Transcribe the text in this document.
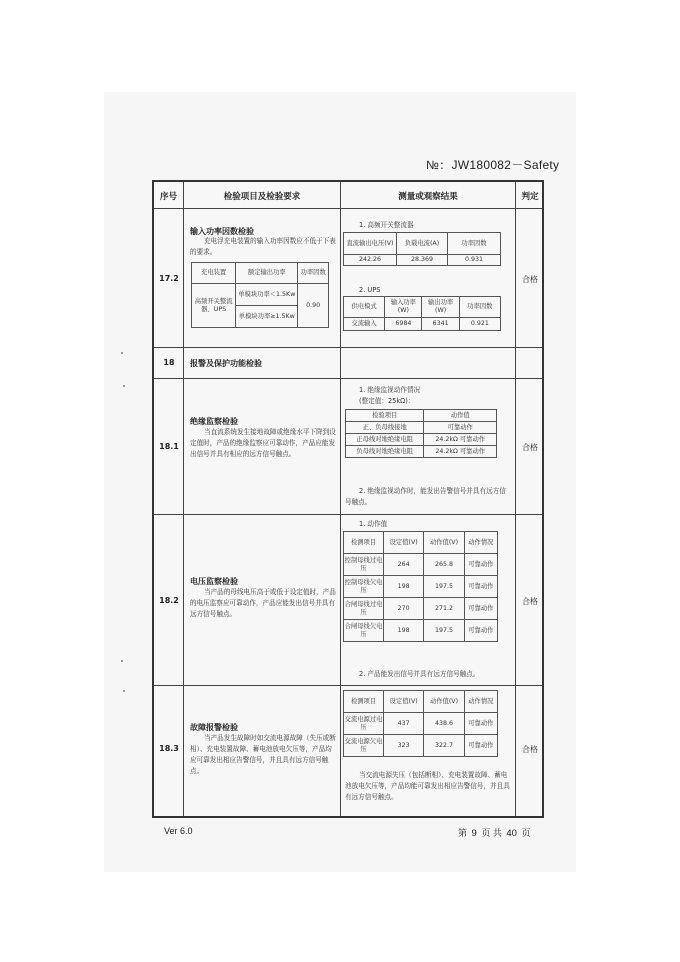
№：JW180082－Safety
序号	检验项目及检验要求	测量或观察结果	判定
17.2
输入功率因数检验
充电浮充电装置的输入功率因数应不低于下表的要求。
充电装置	额定输出功率	功率因数
高频开关整流器、UPS	单模块功率＜1.5Kw	0.90
	单模块功率≥1.5Kw	
1. 高频开关整流器
直流输出电压(V)	负载电流(A)	功率因数
242.26	28.369	0.931
2. UPS
供电模式	输入功率(W)	输出功率(W)	功率因数
交流输入	6984	6341	0.921
合格
18	报警及保护功能检验
18.1
绝缘监察检验
当直流系统发生接地故障或绝缘水平下降到设定值时，产品的绝缘监察应可靠动作，产品应能发出信号并具有相应的远方信号触点。
1. 绝缘监视动作情况
(整定值：25kΩ)：
检验项目	动作值
正、负母线接地	可靠动作
正母线对地绝缘电阻	24.2kΩ 可靠动作
负母线对地绝缘电阻	24.2kΩ 可靠动作
2. 绝缘监视动作时，能发出告警信号并具有远方信号触点。
合格
18.2
电压监察检验
当产品的母线电压高于或低于设定值时，产品的电压监察应可靠动作，产品应能发出信号并具有远方信号触点。
1. 动作值
检测项目	设定值(V)	动作值(V)	动作情况
控制母线过电压	264	265.8	可靠动作
控制母线欠电压	198	197.5	可靠动作
合闸母线过电压	270	271.2	可靠动作
合闸母线欠电压	198	197.5	可靠动作
2. 产品能发出信号并具有远方信号触点。
合格
18.3
故障报警检验
当产品发生故障时如交流电源故障（失压或断相）、充电装置故障、蓄电池放电欠压等，产品均应可靠发出相应告警信号，并且具有远方信号触点。
检测项目	设定值(V)	动作值(V)	动作情况
交流电源过电压	437	438.6	可靠动作
交流电源欠电压	323	322.7	可靠动作
当交流电源失压（包括断相）、充电装置故障、蓄电池放电欠压等，产品均能可靠发出相应告警信号，并且具有远方信号触点。
合格
Ver 6.0	第 9 页 共 40 页
